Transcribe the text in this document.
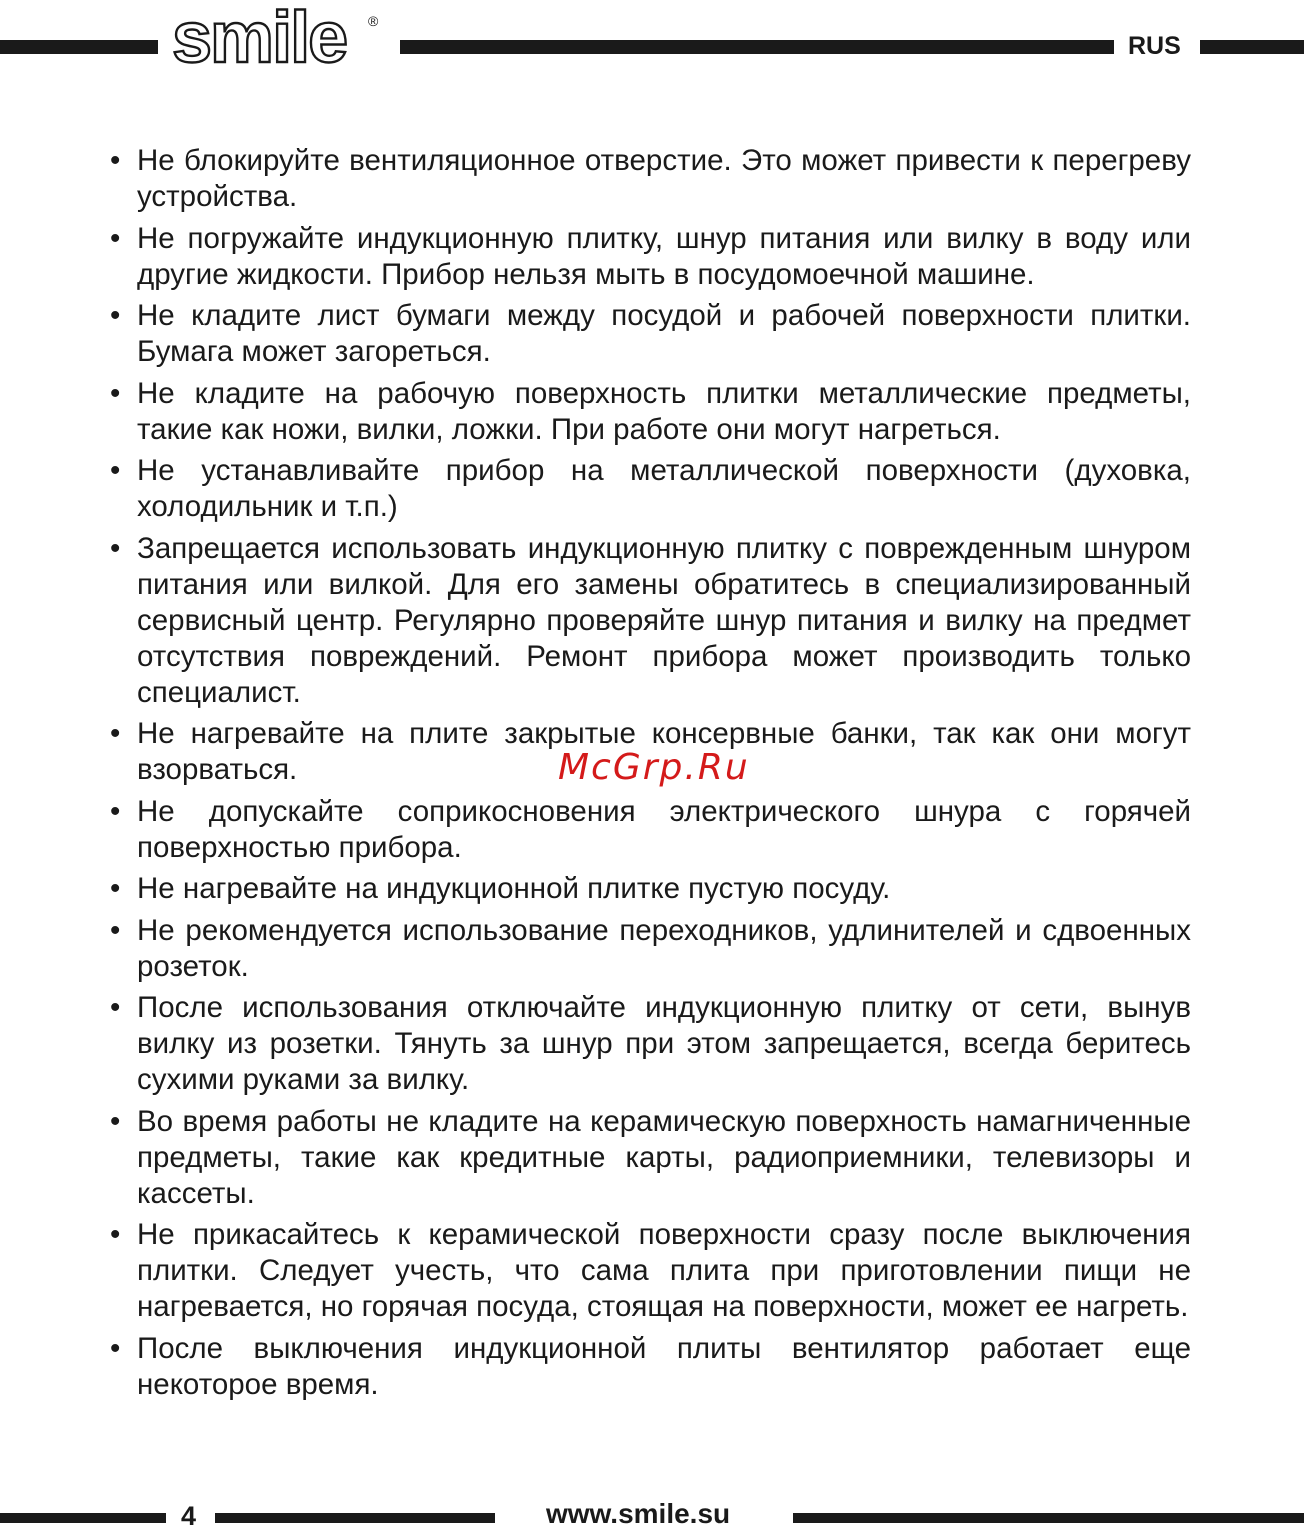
smile ®
RUS
• Не блокируйте вентиляционное отверстие. Это может привести к перегреву устройства.
• Не погружайте индукционную плитку, шнур питания или вилку в воду или другие жидкости. Прибор нельзя мыть в посудомоечной машине.
• Не кладите лист бумаги между посудой и рабочей поверхности плитки. Бумага может загореться.
• Не кладите на рабочую поверхность плитки металлические предметы, такие как ножи, вилки, ложки. При работе они могут нагреться.
• Не устанавливайте прибор на металлической поверхности (духовка, холодильник и т.п.)
• Запрещается использовать индукционную плитку с поврежденным шнуром питания или вилкой. Для его замены обратитесь в специализированный сервисный центр. Регулярно проверяйте шнур питания и вилку на предмет отсутствия повреждений. Ремонт прибора может производить только специалист.
• Не нагревайте на плите закрытые консервные банки, так как они могут взорваться.
• Не допускайте соприкосновения электрического шнура с горячей поверхностью прибора.
• Не нагревайте на индукционной плитке пустую посуду.
• Не рекомендуется использование переходников, удлинителей и сдвоенных розеток.
• После использования отключайте индукционную плитку от сети, вынув вилку из розетки. Тянуть за шнур при этом запрещается, всегда беритесь сухими руками за вилку.
• Во время работы не кладите на керамическую поверхность намагниченные предметы, такие как кредитные карты, радиоприемники, телевизоры и кассеты.
• Не прикасайтесь к керамической поверхности сразу после выключения плитки. Следует учесть, что сама плита при приготовлении пищи не нагревается, но горячая посуда, стоящая на поверхности, может ее нагреть.
• После выключения индукционной плиты вентилятор работает еще некоторое время.
McGrp.Ru
4	www.smile.su
